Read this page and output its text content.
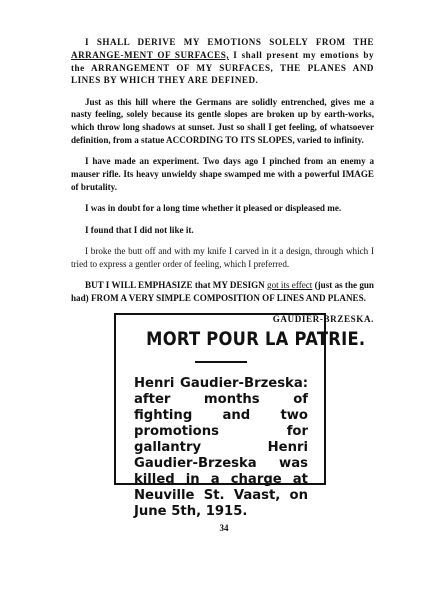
I SHALL DERIVE MY EMOTIONS SOLELY FROM THE ARRANGE-MENT OF SURFACES, I shall present my emotions by the ARRANGEMENT OF MY SURFACES, THE PLANES AND LINES BY WHICH THEY ARE DEFINED.

Just as this hill where the Germans are solidly entrenched, gives me a nasty feeling, solely because its gentle slopes are broken up by earth-works, which throw long shadows at sunset. Just so shall I get feeling, of whatsoever definition, from a statue ACCORDING TO ITS SLOPES, varied to infinity.

I have made an experiment. Two days ago I pinched from an enemy a mauser rifle. Its heavy unwieldy shape swamped me with a powerful IMAGE of brutality.

I was in doubt for a long time whether it pleased or displeased me.

I found that I did not like it.

I broke the butt off and with my knife I carved in it a design, through which I tried to express a gentler order of feeling, which I preferred.

BUT I WILL EMPHASIZE that MY DESIGN got its effect (just as the gun had) FROM A VERY SIMPLE COMPOSITION OF LINES AND PLANES.

GAUDIER-BRZESKA.

MORT POUR LA PATRIE.

Henri Gaudier-Brzeska: after months of fighting and two promotions for gallantry Henri Gaudier-Brzeska was killed in a charge at Neuville St. Vaast, on June 5th, 1915.

34
